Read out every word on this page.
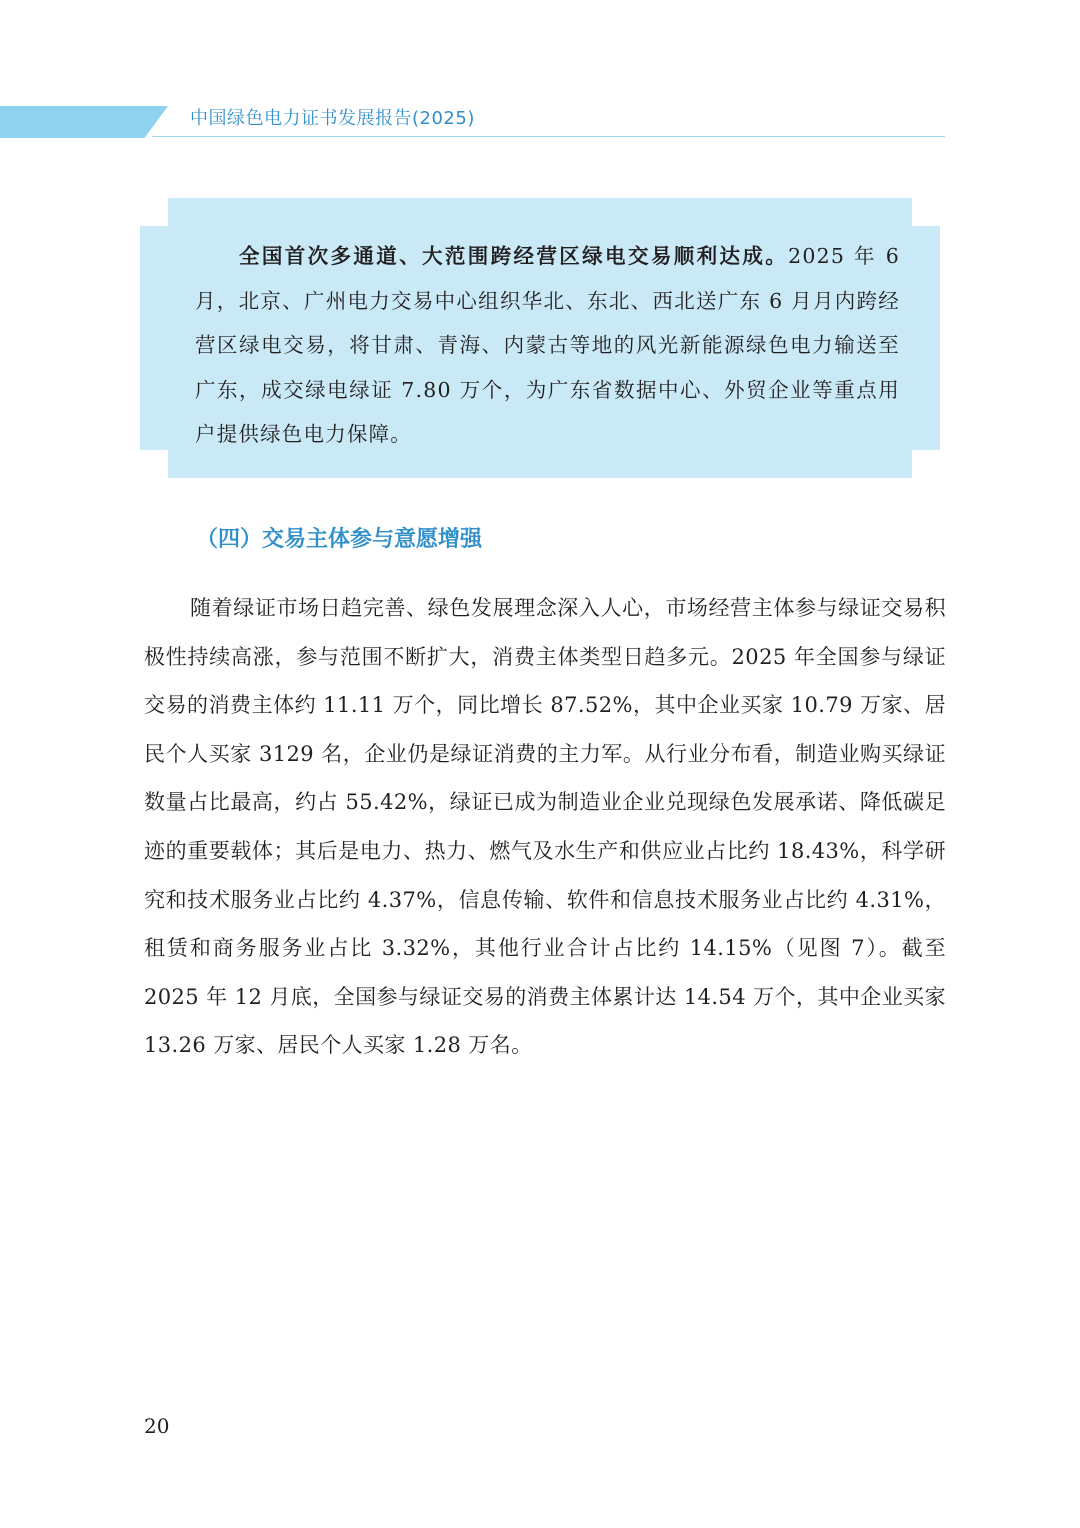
中国绿色电力证书发展报告(2025)

全国首次多通道、大范围跨经营区绿电交易顺利达成。2025 年 6 月，北京、广州电力交易中心组织华北、东北、西北送广东 6 月月内跨经营区绿电交易，将甘肃、青海、内蒙古等地的风光新能源绿色电力输送至广东，成交绿电绿证 7.80 万个，为广东省数据中心、外贸企业等重点用户提供绿色电力保障。

（四）交易主体参与意愿增强

随着绿证市场日趋完善、绿色发展理念深入人心，市场经营主体参与绿证交易积极性持续高涨，参与范围不断扩大，消费主体类型日趋多元。2025 年全国参与绿证交易的消费主体约 11.11 万个，同比增长 87.52%，其中企业买家 10.79 万家、居民个人买家 3129 名，企业仍是绿证消费的主力军。从行业分布看，制造业购买绿证数量占比最高，约占 55.42%，绿证已成为制造业企业兑现绿色发展承诺、降低碳足迹的重要载体；其后是电力、热力、燃气及水生产和供应业占比约 18.43%，科学研究和技术服务业占比约 4.37%，信息传输、软件和信息技术服务业占比约 4.31%，租赁和商务服务业占比 3.32%，其他行业合计占比约 14.15%（见图 7）。截至 2025 年 12 月底，全国参与绿证交易的消费主体累计达 14.54 万个，其中企业买家 13.26 万家、居民个人买家 1.28 万名。

20
